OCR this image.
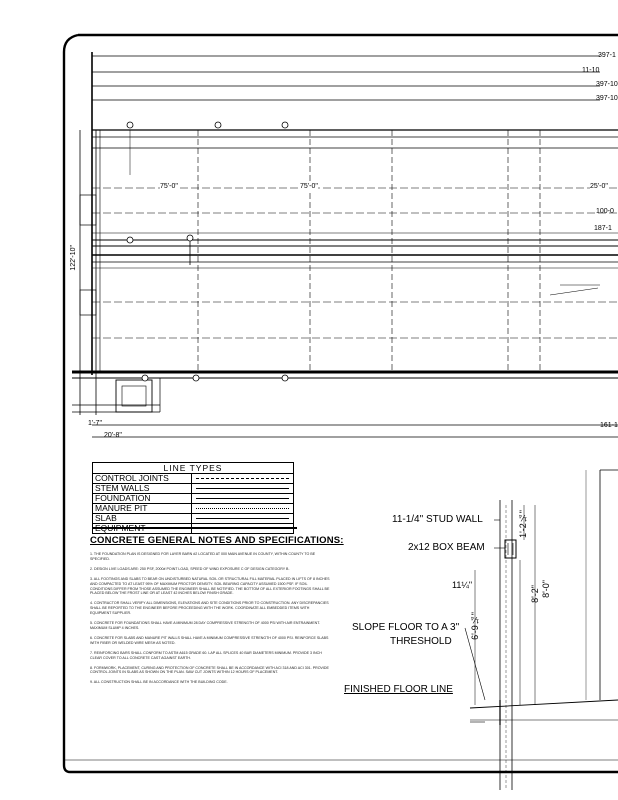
397-1
11-10
397-10
397-10
122'-10"
75'-0"	75'-0"	25'-0"
161-1
100-0
187-1
1'-7"
20'-8"
LINE TYPES
CONTROL JOINTS
STEM WALLS
FOUNDATION
MANURE PIT
SLAB
EQUIPMENT
CONCRETE GENERAL NOTES AND SPECIFICATIONS:

1. THE FOUNDATION PLAN IS DESIGNED FOR LAYER BARN #2 LOCATED AT 000 MAIN AVENUE IN COUNTY, WITHIN COUNTY TO BE SPECIFIED.

2. DESIGN LIVE LOADS ARE: 250 PSF, 2000# POINT LOAD, SPEED OF WIND EXPOSURE C OF DESIGN CATEGORY B.

3. ALL FOOTINGS AND SLABS TO BEAR ON UNDISTURBED NATURAL SOIL OR STRUCTURAL FILL MATERIAL PLACED IN LIFTS OF 8 INCHES AND COMPACTED TO AT LEAST 95% OF MAXIMUM PROCTOR DENSITY. SOIL BEARING CAPACITY ASSUMED 1500 PSF. IF SOIL CONDITIONS DIFFER FROM THOSE ASSUMED THE ENGINEER SHALL BE NOTIFIED. THE BOTTOM OF ALL EXTERIOR FOOTINGS SHALL BE PLACED BELOW THE FROST LINE OR AT LEAST 42 INCHES BELOW FINISH GRADE.

4. CONTRACTOR SHALL VERIFY ALL DIMENSIONS, ELEVATIONS AND SITE CONDITIONS PRIOR TO CONSTRUCTION. ANY DISCREPANCIES SHALL BE REPORTED TO THE ENGINEER BEFORE PROCEEDING WITH THE WORK. COORDINATE ALL EMBEDDED ITEMS WITH EQUIPMENT SUPPLIER.

5. CONCRETE FOR FOUNDATIONS SHALL HAVE A MINIMUM 28 DAY COMPRESSIVE STRENGTH OF 4000 PSI WITH AIR ENTRAINMENT. MAXIMUM SLUMP 4 INCHES.

6. CONCRETE FOR SLABS AND MANURE PIT WALLS SHALL HAVE A MINIMUM COMPRESSIVE STRENGTH OF 4000 PSI. REINFORCE SLABS WITH FIBER OR WELDED WIRE MESH AS NOTED.

7. REINFORCING BARS SHALL CONFORM TO ASTM A615 GRADE 60. LAP ALL SPLICES 40 BAR DIAMETERS MINIMUM. PROVIDE 3 INCH CLEAR COVER TO ALL CONCRETE CAST AGAINST EARTH.

8. FORMWORK, PLACEMENT, CURING AND PROTECTION OF CONCRETE SHALL BE IN ACCORDANCE WITH ACI 318 AND ACI 301. PROVIDE CONTROL JOINTS IN SLABS AS SHOWN ON THE PLAN. SAW CUT JOINTS WITHIN 12 HOURS OF PLACEMENT.

9. ALL CONSTRUCTION SHALL BE IN ACCORDANCE WITH THE BUILDING CODE.

11-1/4" STUD WALL
2x12 BOX BEAM
SLOPE FLOOR TO A 3"
THRESHOLD
FINISHED FLOOR LINE
1'-2¼"
11¼"
6'-9¼"
8'-2" 8'-0"
